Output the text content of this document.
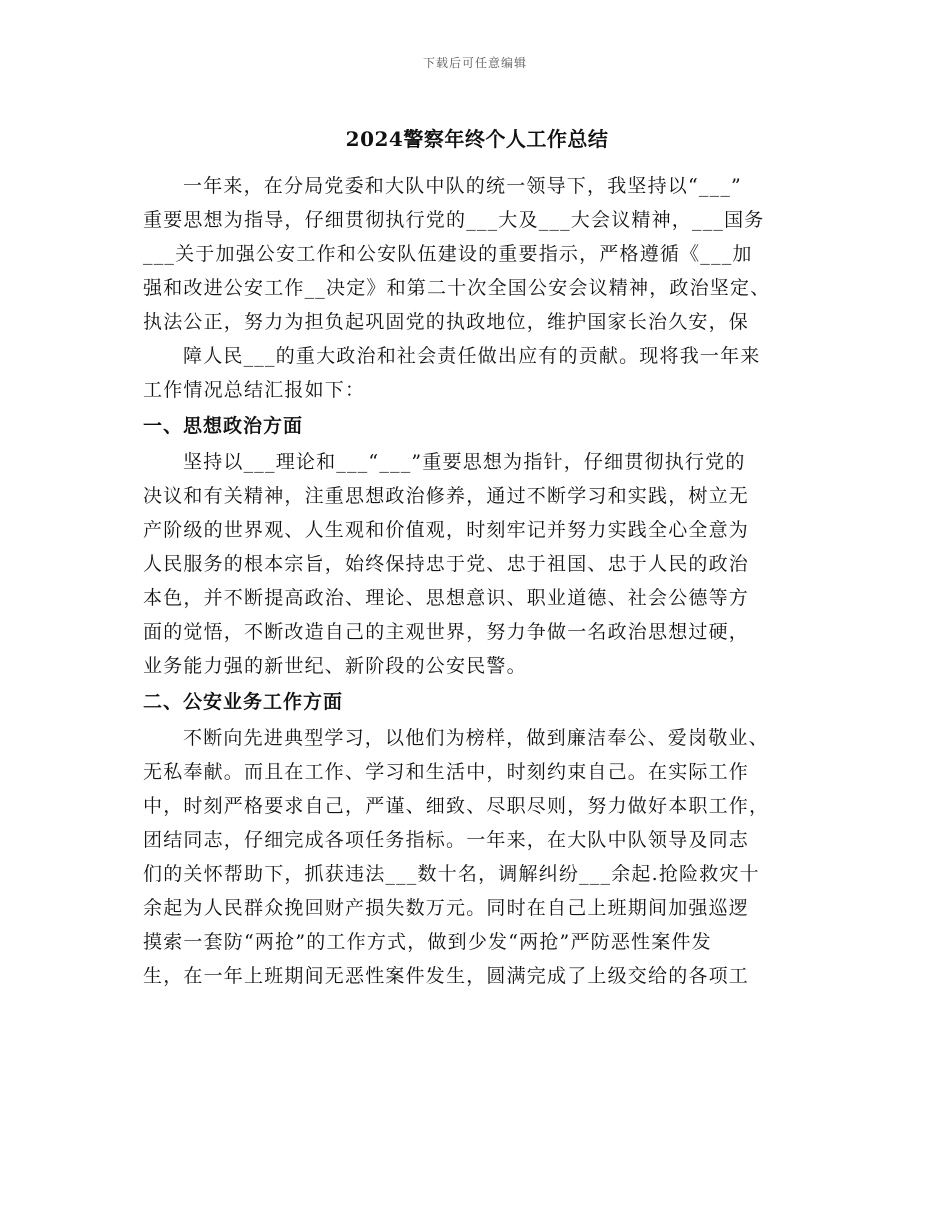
下载后可任意编辑
2024警察年终个人工作总结
一年来，在分局党委和大队中队的统一领导下，我坚持以“___”
重要思想为指导，仔细贯彻执行党的___大及___大会议精神，___国务
___关于加强公安工作和公安队伍建设的重要指示，严格遵循《___加
强和改进公安工作__决定》和第二十次全国公安会议精神，政治坚定、
执法公正，努力为担负起巩固党的执政地位，维护国家长治久安，保
障人民___的重大政治和社会责任做出应有的贡献。现将我一年来
工作情况总结汇报如下：
一、思想政治方面
坚持以___理论和___“___”重要思想为指针，仔细贯彻执行党的
决议和有关精神，注重思想政治修养，通过不断学习和实践，树立无
产阶级的世界观、人生观和价值观，时刻牢记并努力实践全心全意为
人民服务的根本宗旨，始终保持忠于党、忠于祖国、忠于人民的政治
本色，并不断提高政治、理论、思想意识、职业道德、社会公德等方
面的觉悟，不断改造自己的主观世界，努力争做一名政治思想过硬，
业务能力强的新世纪、新阶段的公安民警。
二、公安业务工作方面
不断向先进典型学习，以他们为榜样，做到廉洁奉公、爱岗敬业、
无私奉献。而且在工作、学习和生活中，时刻约束自己。在实际工作
中，时刻严格要求自己，严谨、细致、尽职尽则，努力做好本职工作，
团结同志，仔细完成各项任务指标。一年来，在大队中队领导及同志
们的关怀帮助下，抓获违法___数十名，调解纠纷___余起.抢险救灾十
余起为人民群众挽回财产损失数万元。同时在自己上班期间加强巡逻
摸索一套防“两抢”的工作方式，做到少发“两抢”严防恶性案件发
生，在一年上班期间无恶性案件发生，圆满完成了上级交给的各项工
